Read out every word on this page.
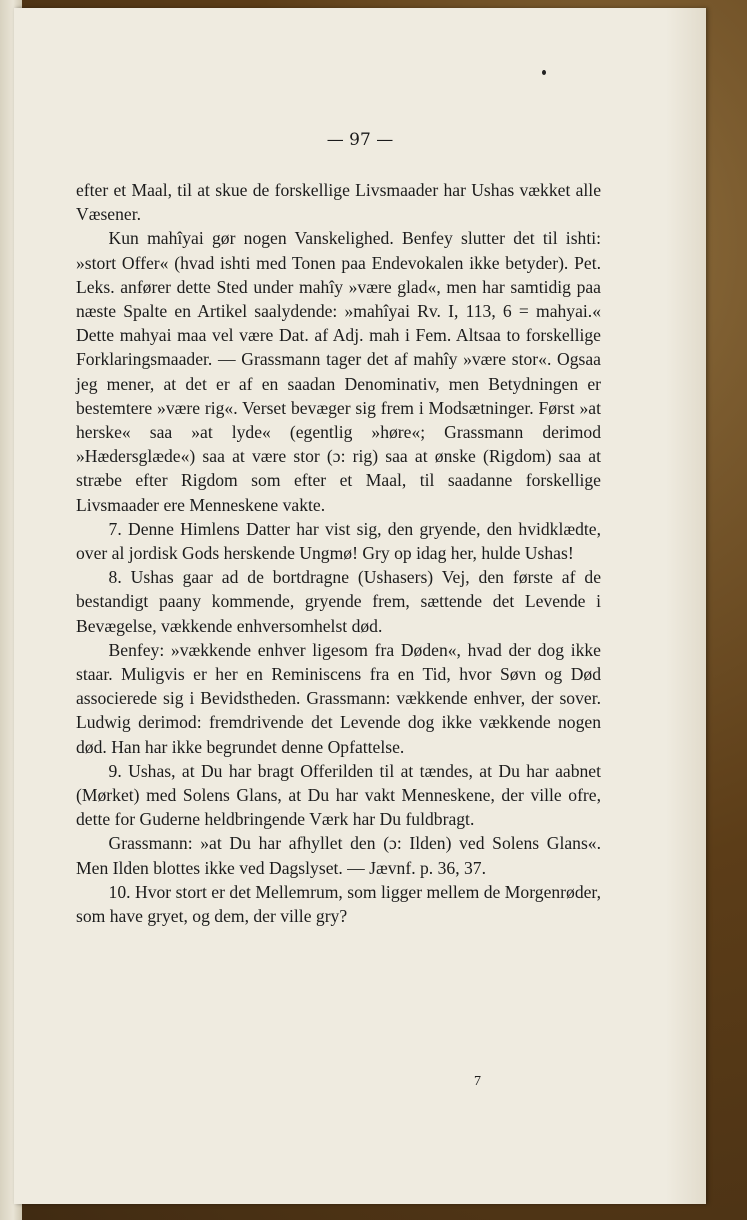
— 97 —

efter et Maal, til at skue de forskellige Livsmaader har Ushas vækket alle Væsener.

Kun mahîyai gør nogen Vanskelighed. Benfey slutter det til ishti: »stort Offer« (hvad ishti med Tonen paa Endevokalen ikke betyder). Pet. Leks. anfører dette Sted under mahîy »være glad«, men har samtidig paa næste Spalte en Artikel saalydende: »mahîyai Rv. I, 113, 6 = mahyai.« Dette mahyai maa vel være Dat. af Adj. mah i Fem. Altsaa to forskellige Forklaringsmaader. — Grassmann tager det af mahîy »være stor«. Ogsaa jeg mener, at det er af en saadan Denominativ, men Betydningen er bestemtere »være rig«. Verset bevæger sig frem i Modsætninger. Først »at herske« saa »at lyde« (egentlig »høre«; Grassmann derimod »Hædersglæde«) saa at være stor (ɔ: rig) saa at ønske (Rigdom) saa at stræbe efter Rigdom som efter et Maal, til saadanne forskellige Livsmaader ere Menneskene vakte.

7. Denne Himlens Datter har vist sig, den gryende, den hvidklædte, over al jordisk Gods herskende Ungmø! Gry op idag her, hulde Ushas!

8. Ushas gaar ad de bortdragne (Ushasers) Vej, den første af de bestandigt paany kommende, gryende frem, sættende det Levende i Bevægelse, vækkende enhversomhelst død.

Benfey: »vækkende enhver ligesom fra Døden«, hvad der dog ikke staar. Muligvis er her en Reminiscens fra en Tid, hvor Søvn og Død associerede sig i Bevidstheden. Grassmann: vækkende enhver, der sover. Ludwig derimod: fremdrivende det Levende dog ikke vækkende nogen død. Han har ikke begrundet denne Opfattelse.

9. Ushas, at Du har bragt Offerilden til at tændes, at Du har aabnet (Mørket) med Solens Glans, at Du har vakt Menneskene, der ville ofre, dette for Guderne heldbringende Værk har Du fuldbragt.

Grassmann: »at Du har afhyllet den (ɔ: Ilden) ved Solens Glans«. Men Ilden blottes ikke ved Dagslyset. — Jævnf. p. 36, 37.

10. Hvor stort er det Mellemrum, som ligger mellem de Morgenrøder, som have gryet, og dem, der ville gry?

7
